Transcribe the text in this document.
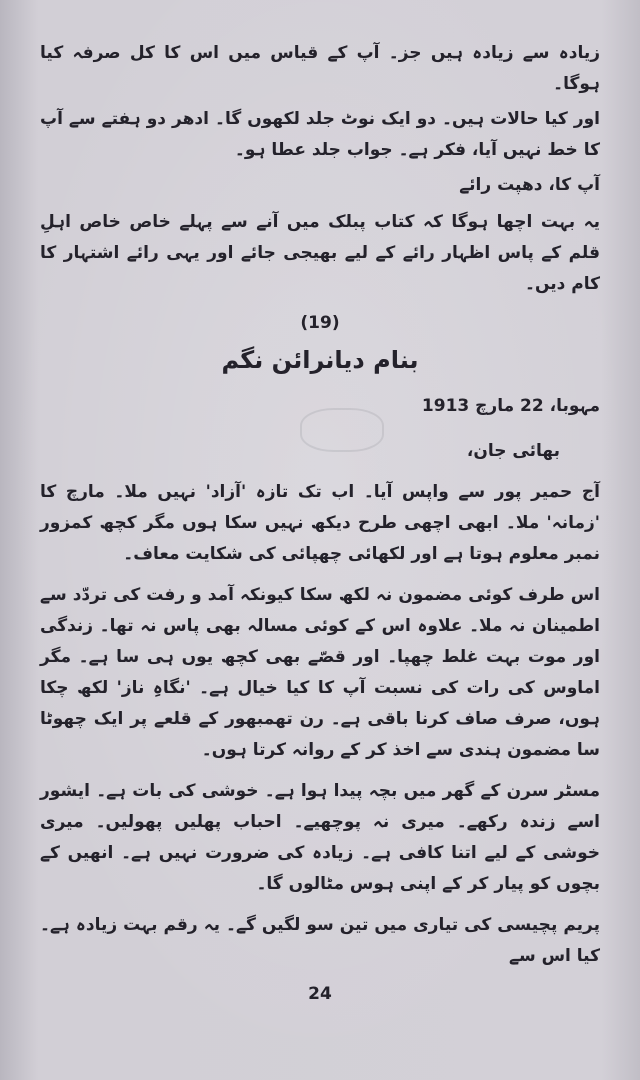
زیادہ سے زیادہ ہیں جز۔ آپ کے قیاس میں اس کا کل صرفہ کیا ہوگا۔

اور کیا حالات ہیں۔ دو ایک نوٹ جلد لکھوں گا۔ ادھر دو ہفتے سے آپ کا خط نہیں آیا، فکر ہے۔ جواب جلد عطا ہو۔

آپ کا، دھپت رائے

یہ بہت اچھا ہوگا کہ کتاب پبلک میں آنے سے پہلے خاص خاص اہلِ قلم کے پاس اظہار رائے کے لیے بھیجی جائے اور یہی رائے اشتہار کا کام دیں۔

(19)
بنام دیانرائن نگم

مہوبا، 22 مارچ 1913

بھائی جان،

آج حمیر پور سے واپس آیا۔ اب تک تازہ 'آزاد' نہیں ملا۔ مارچ کا 'زمانہ' ملا۔ ابھی اچھی طرح دیکھ نہیں سکا ہوں مگر کچھ کمزور نمبر معلوم ہوتا ہے اور لکھائی چھپائی کی شکایت معاف۔

اس طرف کوئی مضمون نہ لکھ سکا کیونکہ آمد و رفت کی تردّد سے اطمینان نہ ملا۔ علاوہ اس کے کوئی مسالہ بھی پاس نہ تھا۔ زندگی اور موت بہت غلط چھپا۔ اور قصّے بھی کچھ یوں ہی سا ہے۔ مگر اماوس کی رات کی نسبت آپ کا کیا خیال ہے۔ 'نگاہِ ناز' لکھ چکا ہوں، صرف صاف کرنا باقی ہے۔ رن تھمبھور کے قلعے پر ایک چھوٹا سا مضمون ہندی سے اخذ کر کے روانہ کرتا ہوں۔

مسٹر سرن کے گھر میں بچہ پیدا ہوا ہے۔ خوشی کی بات ہے۔ ایشور اسے زندہ رکھے۔ میری نہ پوچھیے۔ احباب پھلیں پھولیں۔ میری خوشی کے لیے اتنا کافی ہے۔ زیادہ کی ضرورت نہیں ہے۔ انھیں کے بچوں کو پیار کر کے اپنی ہوس مٹالوں گا۔

پریم پچیسی کی تیاری میں تین سو لگیں گے۔ یہ رقم بہت زیادہ ہے۔ کیا اس سے

24
